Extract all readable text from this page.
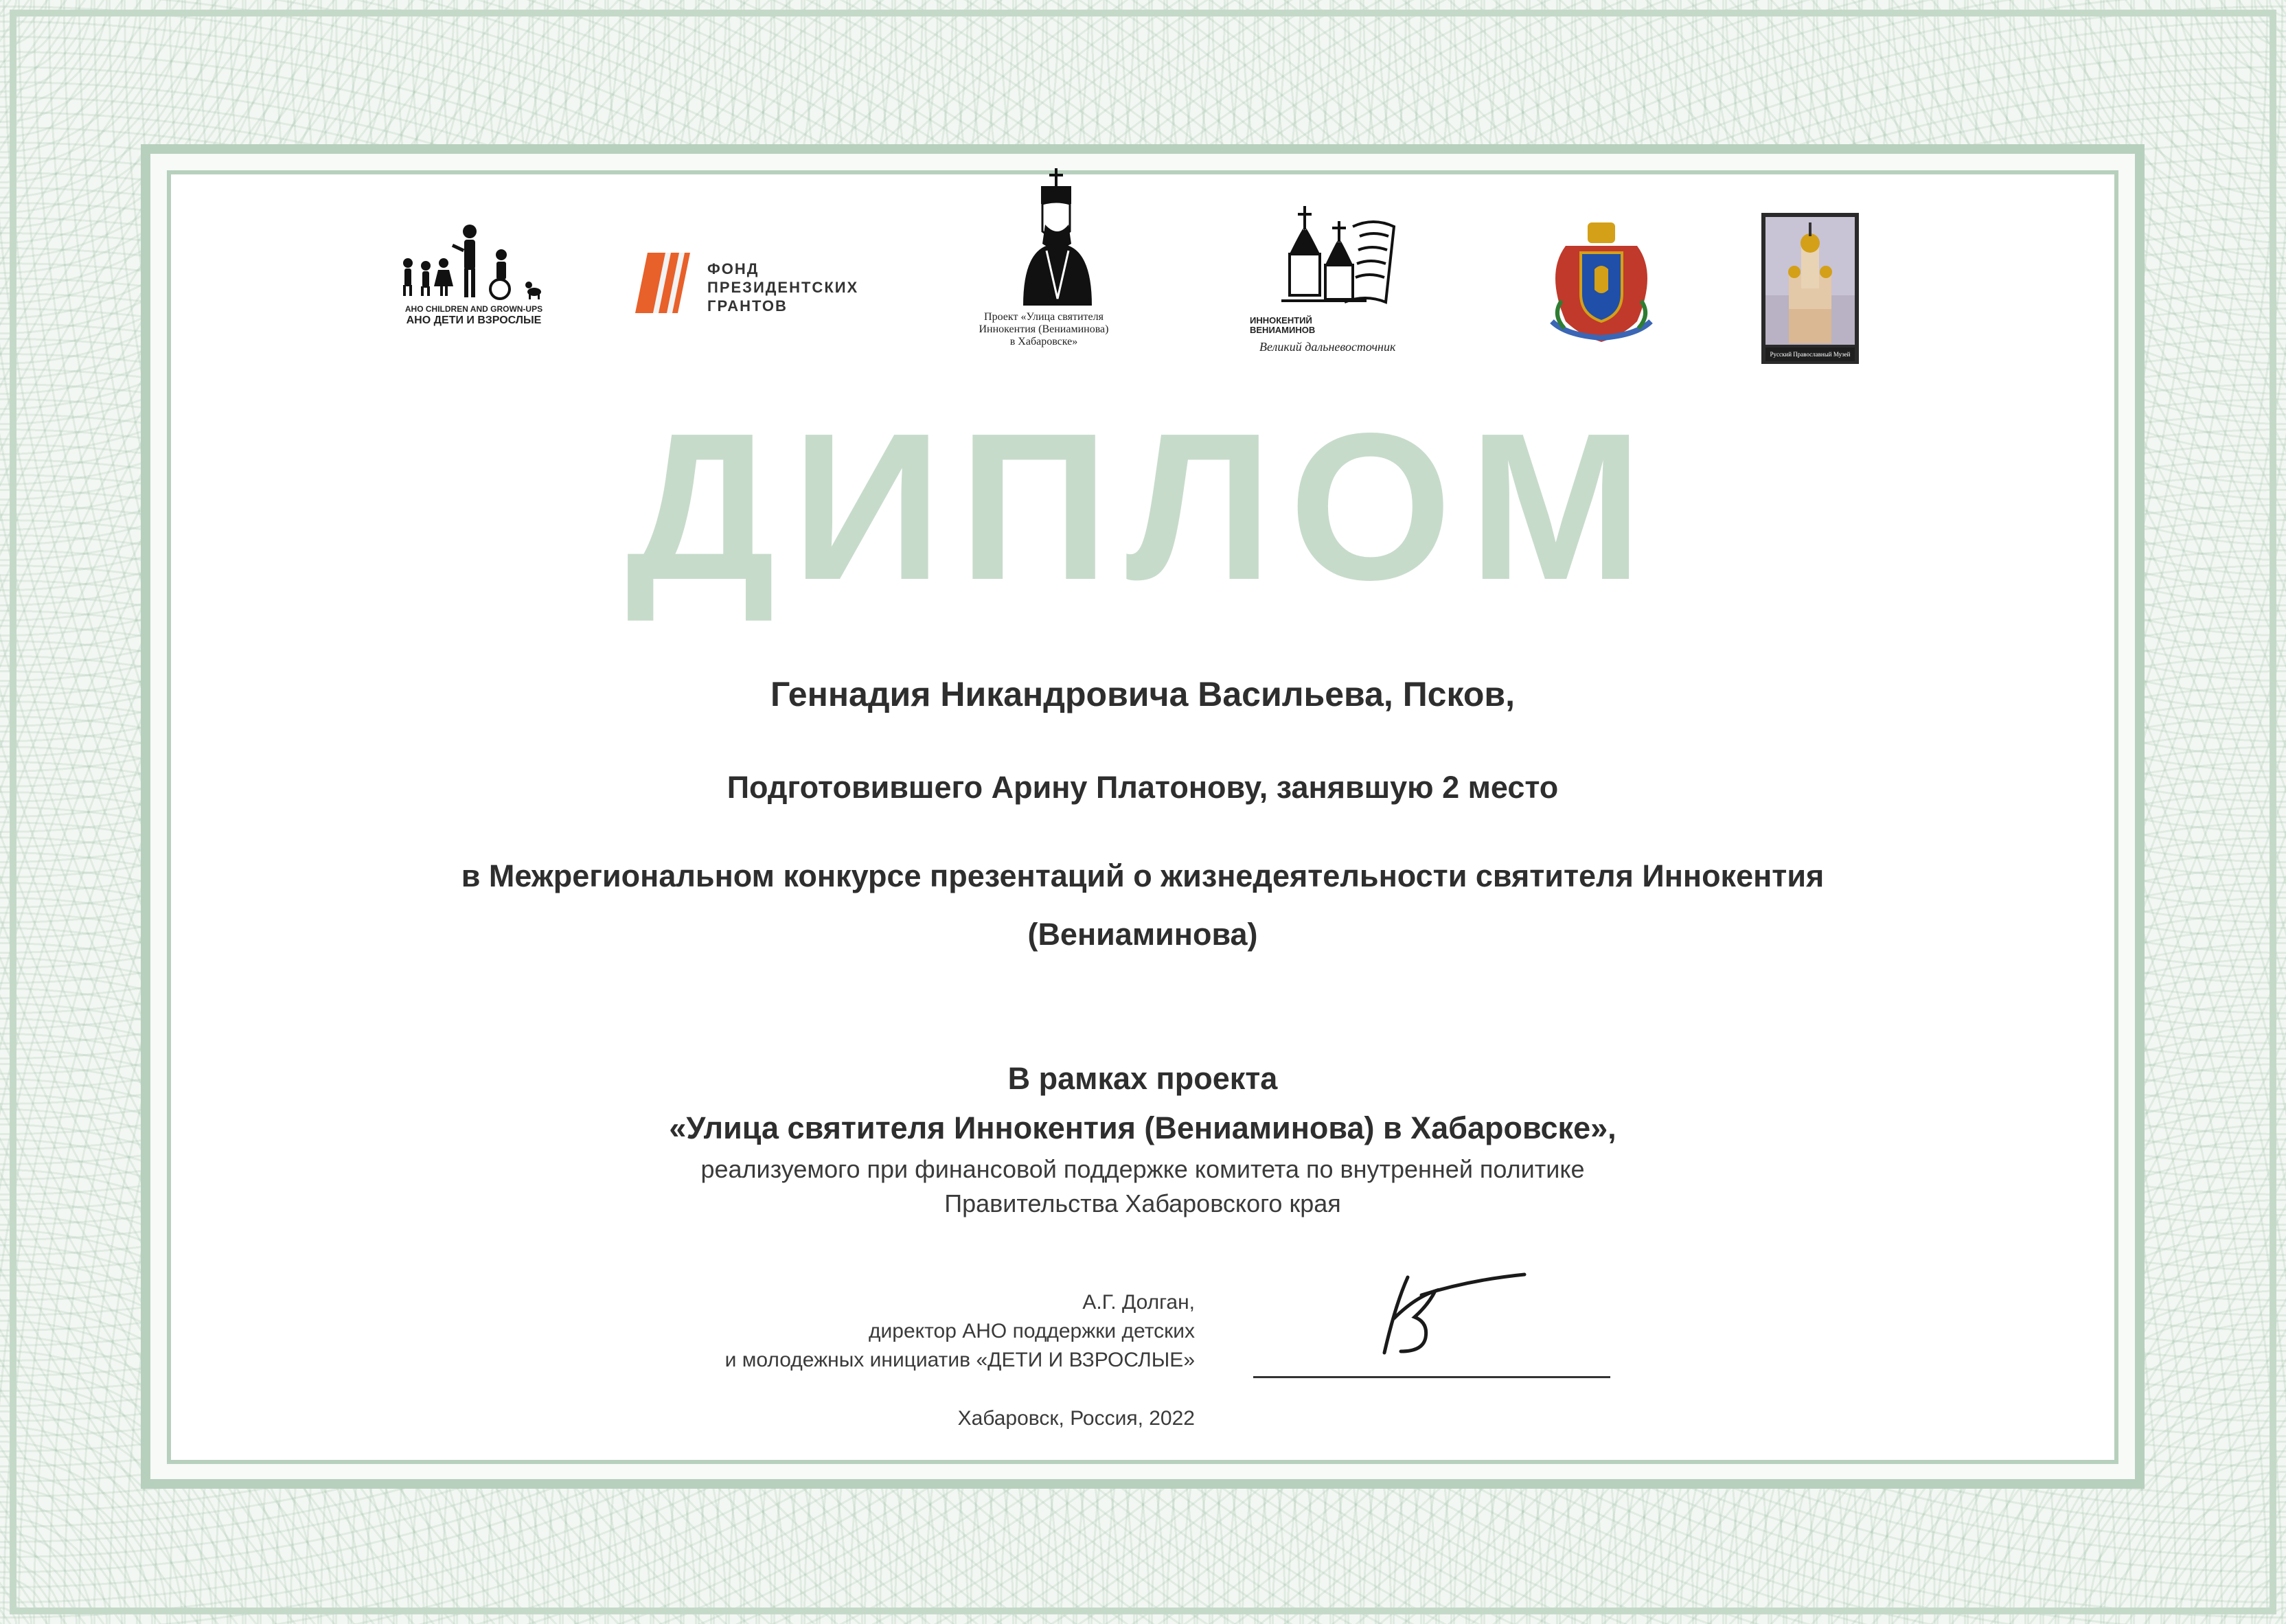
АНО CHILDREN AND GROWN-UPS
АНО ДЕТИ И ВЗРОСЛЫЕ
ФОНД
ПРЕЗИДЕНТСКИХ
ГРАНТОВ
Проект «Улица святителя
Иннокентия (Вениаминова)
в Хабаровске»
ИННОКЕНТИЙ
ВЕНИАМИНОВ
Великий дальневосточник
Русский Православный Музей
ДИПЛОМ
Геннадия Никандровича Васильева, Псков,
Подготовившего Арину Платонову, занявшую 2 место
в Межрегиональном конкурсе презентаций о жизнедеятельности святителя Иннокентия
(Вениаминова)
В рамках проекта
«Улица святителя Иннокентия (Вениаминова) в Хабаровске»,
реализуемого при финансовой поддержке комитета по внутренней политике
Правительства Хабаровского края
А.Г. Долган,
директор АНО поддержки детских
и молодежных инициатив «ДЕТИ И ВЗРОСЛЫЕ»
Хабаровск, Россия, 2022
